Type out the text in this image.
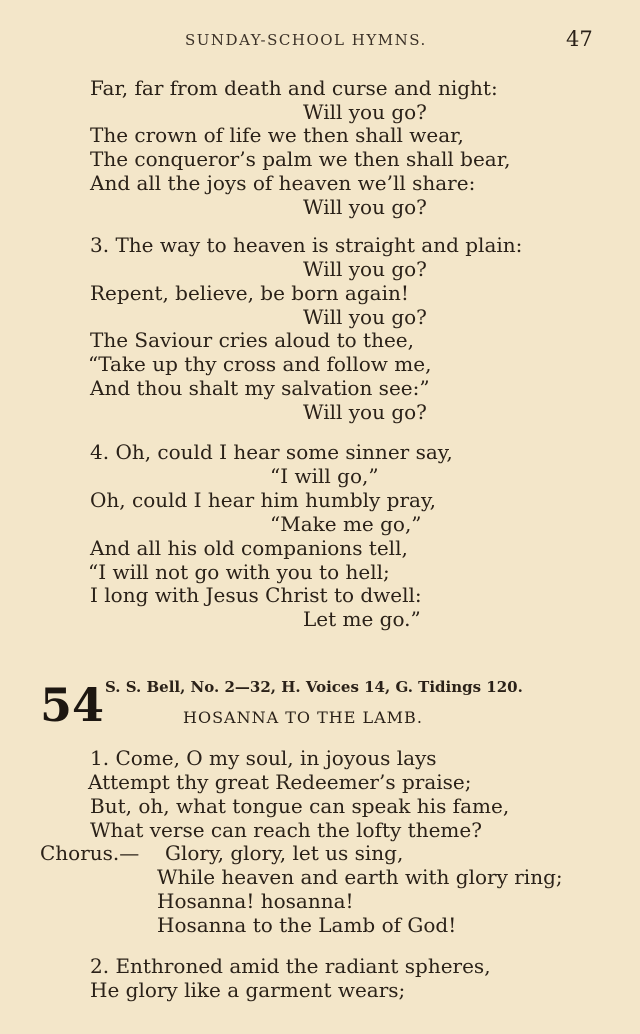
SUNDAY-SCHOOL HYMNS.	47
Far, far from death and curse and night:
Will you go?
The crown of life we then shall wear,
The conqueror’s palm we then shall bear,
And all the joys of heaven we’ll share:
Will you go?
3. The way to heaven is straight and plain:
Will you go?
Repent, believe, be born again!
Will you go?
The Saviour cries aloud to thee,
“Take up thy cross and follow me,
And thou shalt my salvation see:”
Will you go?
4. Oh, could I hear some sinner say,
“I will go,”
Oh, could I hear him humbly pray,
“Make me go,”
And all his old companions tell,
“I will not go with you to hell;
I long with Jesus Christ to dwell:
Let me go.”
54 S. S. Bell, No. 2—32, H. Voices 14, G. Tidings 120.
HOSANNA TO THE LAMB.
1. Come, O my soul, in joyous lays
Attempt thy great Redeemer’s praise;
But, oh, what tongue can speak his fame,
What verse can reach the lofty theme?
Chorus.— Glory, glory, let us sing,
While heaven and earth with glory ring;
Hosanna! hosanna!
Hosanna to the Lamb of God!
2. Enthroned amid the radiant spheres,
He glory like a garment wears;
